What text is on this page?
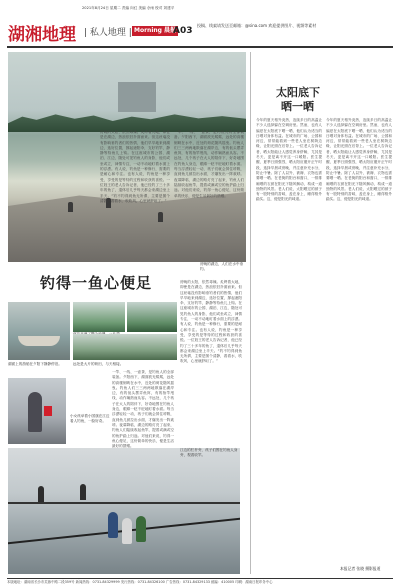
2021年8月24日 星期二 责编 向红 美编 佘雨 校对 刘建平
湖湘地理 | 私人地理 | Morning 晨报
A03
投稿、线索请发送至邮箱：@sina.com 欢迎提供图片、视频等素材
傍晚的湖边，人们在水中垂钓。
钓得一鱼心便足
傍晚的太阳，依然毒辣。炙烤着大地，即使是在湖边，热浪依旧扑面而来。但这丝毫没有影响垂钓者们的热情，他们早早地来到湖边，选好位置，撑起遮阳伞，支好钓竿，静静等待鱼儿上钩。在这座城市的公园、湖泊、江边，随处可见钓鱼人的身影，他们或坐或立，神情专注，一动不动地盯着水面上的浮漂。有人说，钓鱼是一种修行，需要的是耐心和专注。也有人说，钓鱼是一种享受，享受的是等待的过程和收获的喜悦。一位姓王的老人告诉记者，他已经钓了三十多年的鱼了，退休后几乎每天都会来湖边坐上半天。“钓不钓得到鱼无所谓，主要是图个清静，看看水，吹吹风，心里就舒坦了。”
一竿、一线、一壶茶，是钓鱼人的全部装备。夕阳西下，湖面波光粼粼，远处的高楼倒映在水中，近处的荷花随风摇曳。钓鱼人们三三两两地散落在湖岸边，有的低头摆弄鱼饵，有的抬竿甩线，动作娴熟而从容。不远处，几个孩子在大人的陪伴下，好奇地围在钓鱼人身边，眼睛一眨不眨地盯着水面。每当浮漂轻轻一动，孩子们就会屏住呼吸，直到鱼儿被拉出水面，才爆发出一阵欢呼。夜幕降临，湖边的路灯亮了起来，钓鱼人们陆续收起鱼竿，提着或满或空的鱼护踏上归途。对他们来说，钓得一鱼心便足，这份简单的快乐，便是生活最好的馈赠。
湖面上的游船在夕阳下静静停泊。	远处是大片的荷田，与天相接。
小女孩举着小国旗在江边看人钓鱼，一脸好奇。
一竿、一线、一壶茶，是钓鱼人的全部装备。夕阳西下，湖面波光粼粼，远处的高楼倒映在水中，近处的荷花随风摇曳。钓鱼人们三三两两地散落在湖岸边，有的低头摆弄鱼饵，有的抬竿甩线，动作娴熟而从容。不远处，几个孩子在大人的陪伴下，好奇地围在钓鱼人身边，眼睛一眨不眨地盯着水面。每当浮漂轻轻一动，孩子们就会屏住呼吸，直到鱼儿被拉出水面，才爆发出一阵欢呼。夜幕降临，湖边的路灯亮了起来，钓鱼人们陆续收起鱼竿，提着或满或空的鱼护踏上归途。对他们来说，钓得一鱼心便足，这份简单的快乐，便是生活最好的馈赠。
傍晚的太阳，依然毒辣。炙烤着大地，即使是在湖边，热浪依旧扑面而来。但这丝毫没有影响垂钓者们的热情，他们早早地来到湖边，选好位置，撑起遮阳伞，支好钓竿，静静等待鱼儿上钩。在这座城市的公园、湖泊、江边，随处可见钓鱼人的身影，他们或坐或立，神情专注，一动不动地盯着水面上的浮漂。有人说，钓鱼是一种修行，需要的是耐心和专注。也有人说，钓鱼是一种享受，享受的是等待的过程和收获的喜悦。一位姓王的老人告诉记者，他已经钓了三十多年的鱼了，退休后几乎每天都会来湖边坐上半天。“钓不钓得到鱼无所谓，主要是图个清静，看看水，吹吹风，心里就舒坦了。”
江边的栏杆旁，孩子们围在钓鱼人身旁，观看收竿。
太阳底下
晒一晒
今年的夏天格外炎热，连续多日的高温让不少人选择躲在空调房里。然而，也有人偏爱在太阳底下晒一晒，他们认为适当的日晒对身体有益。在城市的广场、公园和河边，常常能看到一些老人坐在树荫边缘，让阳光照在后背上。一位老人告诉记者，晒太阳能让人感觉浑身舒畅，尤其是冬天，更是离不开这一口暖阳。医生提醒，夏季日照强烈，晒太阳应避开正午时段，选择早晨或傍晚，并注意补充水分，防止中暑。除了人以外，被褥、衣物也需要晒一晒。在老街的阳台和窗口，一排排晾晒的衣被在阳光下随风飘动，构成一道独特的风景。老人们说，太阳晒过的被子有一股特别的香味，盖在身上，睡得格外踏实。这，便是阳光的味道。
今年的夏天格外炎热，连续多日的高温让不少人选择躲在空调房里。然而，也有人偏爱在太阳底下晒一晒，他们认为适当的日晒对身体有益。在城市的广场、公园和河边，常常能看到一些老人坐在树荫边缘，让阳光照在后背上。一位老人告诉记者，晒太阳能让人感觉浑身舒畅，尤其是冬天，更是离不开这一口暖阳。医生提醒，夏季日照强烈，晒太阳应避开正午时段，选择早晨或傍晚，并注意补充水分，防止中暑。除了人以外，被褥、衣物也需要晒一晒。在老街的阳台和窗口，一排排晾晒的衣被在阳光下随风飘动，构成一道独特的风景。老人们说，太阳晒过的被子有一股特别的香味，盖在身上，睡得格外踏实。这，便是阳光的味道。
本报记者 张晓 摄影报道
本版地址：湖南省长沙市芙蓉中路二段359号 新闻热线：0731-84329999 发行热线：0731-84326100 广告热线：0731-84329133 邮编：410005 印刷：湖南日报印务中心
